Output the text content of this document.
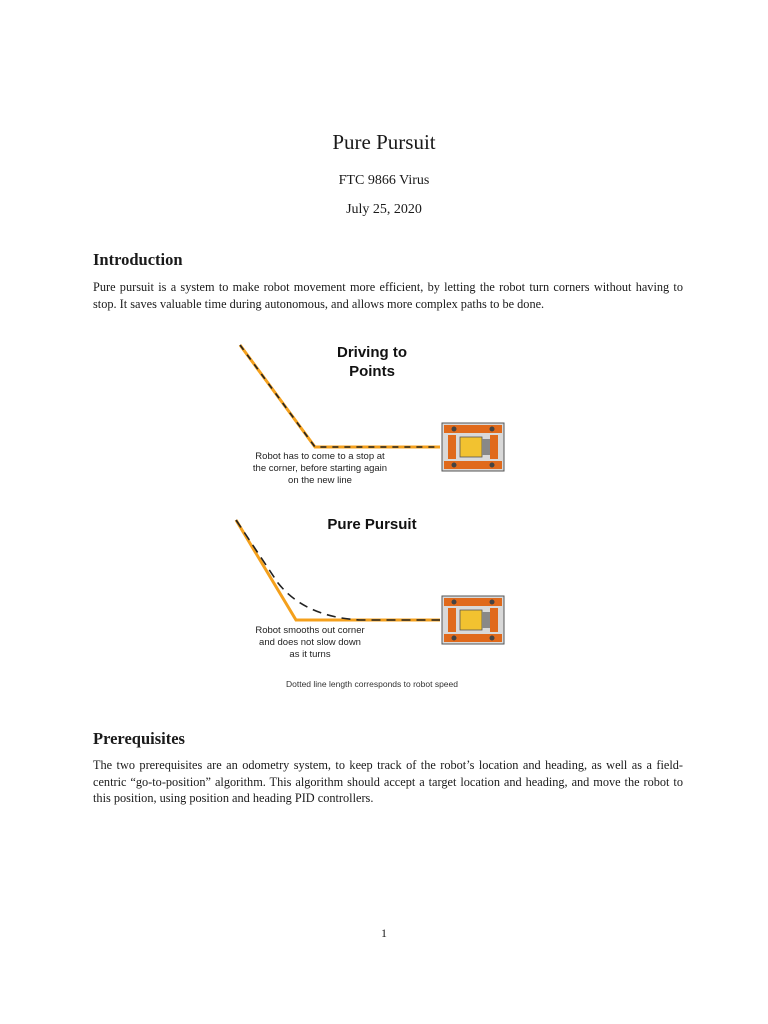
Pure Pursuit
FTC 9866 Virus
July 25, 2020
Introduction
Pure pursuit is a system to make robot movement more efficient, by letting the robot turn corners without having to stop. It saves valuable time during autonomous, and allows more complex paths to be done.
Driving to
Points
Robot has to come to a stop at
the corner, before starting again
on the new line
Pure Pursuit
Robot smooths out corner
and does not slow down
as it turns
Dotted line length corresponds to robot speed
Prerequisites
The two prerequisites are an odometry system, to keep track of the robot’s location and heading, as well as a field-centric “go-to-position” algorithm. This algorithm should accept a target location and heading, and move the robot to this position, using position and heading PID controllers.
1
